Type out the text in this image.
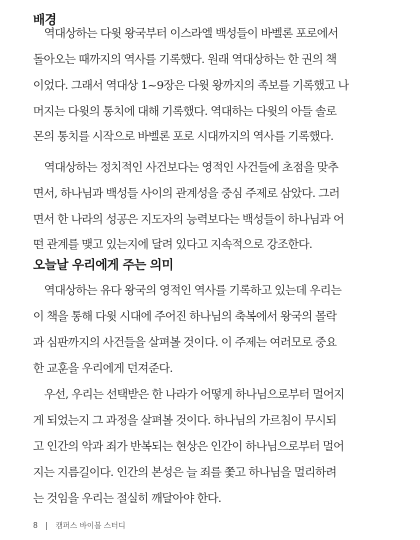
배경
역대상하는 다윗 왕국부터 이스라엘 백성들이 바벨론 포로에서
돌아오는 때까지의 역사를 기록했다. 원래 역대상하는 한 권의 책
이었다. 그래서 역대상 1~9장은 다윗 왕까지의 족보를 기록했고 나
머지는 다윗의 통치에 대해 기록했다. 역대하는 다윗의 아들 솔로
몬의 통치를 시작으로 바벨론 포로 시대까지의 역사를 기록했다.
역대상하는 정치적인 사건보다는 영적인 사건들에 초점을 맞추
면서, 하나님과 백성들 사이의 관계성을 중심 주제로 삼았다. 그러
면서 한 나라의 성공은 지도자의 능력보다는 백성들이 하나님과 어
떤 관계를 맺고 있는지에 달려 있다고 지속적으로 강조한다.
오늘날 우리에게 주는 의미
역대상하는 유다 왕국의 영적인 역사를 기록하고 있는데 우리는
이 책을 통해 다윗 시대에 주어진 하나님의 축복에서 왕국의 몰락
과 심판까지의 사건들을 살펴볼 것이다. 이 주제는 여러모로 중요
한 교훈을 우리에게 던져준다.
우선, 우리는 선택받은 한 나라가 어떻게 하나님으로부터 멀어지
게 되었는지 그 과정을 살펴볼 것이다. 하나님의 가르침이 무시되
고 인간의 악과 죄가 반복되는 현상은 인간이 하나님으로부터 멀어
지는 지름길이다. 인간의 본성은 늘 죄를 쫓고 하나님을 멀리하려
는 것임을 우리는 절실히 깨달아야 한다.
8 캠퍼스 바이블 스터디
